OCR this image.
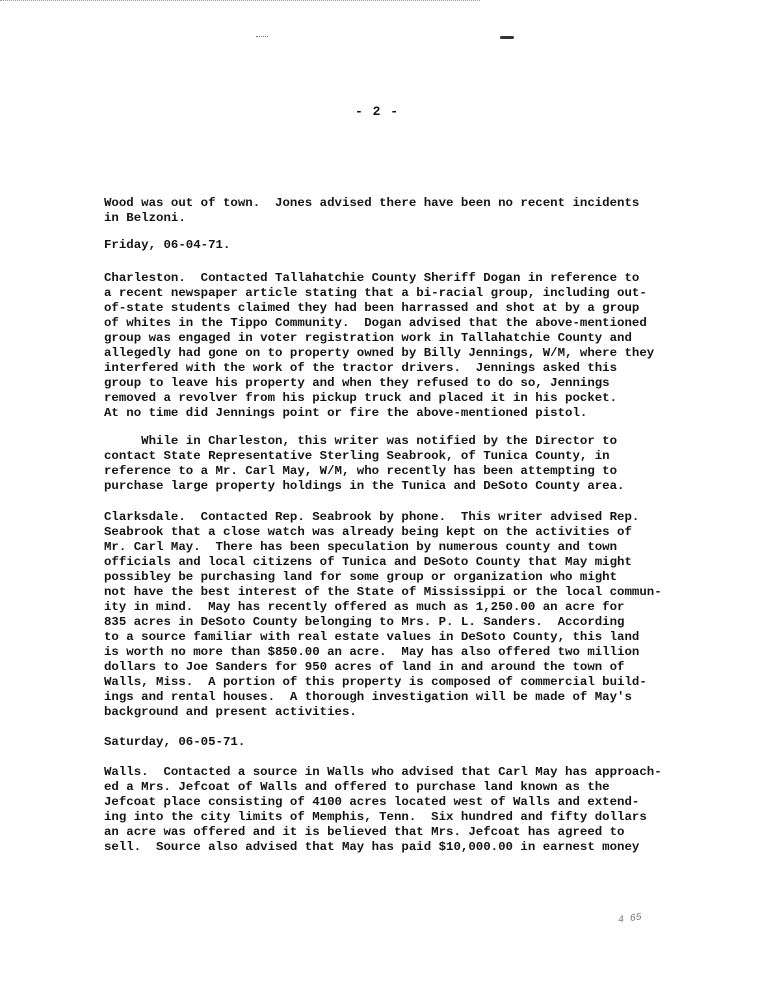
- 2 -

Wood was out of town.  Jones advised there have been no recent incidents
in Belzoni.

Friday, 06-04-71.

Charleston.  Contacted Tallahatchie County Sheriff Dogan in reference to
a recent newspaper article stating that a bi-racial group, including out-
of-state students claimed they had been harrassed and shot at by a group
of whites in the Tippo Community.  Dogan advised that the above-mentioned
group was engaged in voter registration work in Tallahatchie County and
allegedly had gone on to property owned by Billy Jennings, W/M, where they
interfered with the work of the tractor drivers.  Jennings asked this
group to leave his property and when they refused to do so, Jennings
removed a revolver from his pickup truck and placed it in his pocket.
At no time did Jennings point or fire the above-mentioned pistol.

While in Charleston, this writer was notified by the Director to
contact State Representative Sterling Seabrook, of Tunica County, in
reference to a Mr. Carl May, W/M, who recently has been attempting to
purchase large property holdings in the Tunica and DeSoto County area.

Clarksdale.  Contacted Rep. Seabrook by phone.  This writer advised Rep.
Seabrook that a close watch was already being kept on the activities of
Mr. Carl May.  There has been speculation by numerous county and town
officials and local citizens of Tunica and DeSoto County that May might
possibley be purchasing land for some group or organization who might
not have the best interest of the State of Mississippi or the local commun-
ity in mind.  May has recently offered as much as 1,250.00 an acre for
835 acres in DeSoto County belonging to Mrs. P. L. Sanders.  According
to a source familiar with real estate values in DeSoto County, this land
is worth no more than $850.00 an acre.  May has also offered two million
dollars to Joe Sanders for 950 acres of land in and around the town of
Walls, Miss.  A portion of this property is composed of commercial build-
ings and rental houses.  A thorough investigation will be made of May's
background and present activities.

Saturday, 06-05-71.

Walls.  Contacted a source in Walls who advised that Carl May has approach-
ed a Mrs. Jefcoat of Walls and offered to purchase land known as the
Jefcoat place consisting of 4100 acres located west of Walls and extend-
ing into the city limits of Memphis, Tenn.  Six hundred and fifty dollars
an acre was offered and it is believed that Mrs. Jefcoat has agreed to
sell.  Source also advised that May has paid $10,000.00 in earnest money

4 65
